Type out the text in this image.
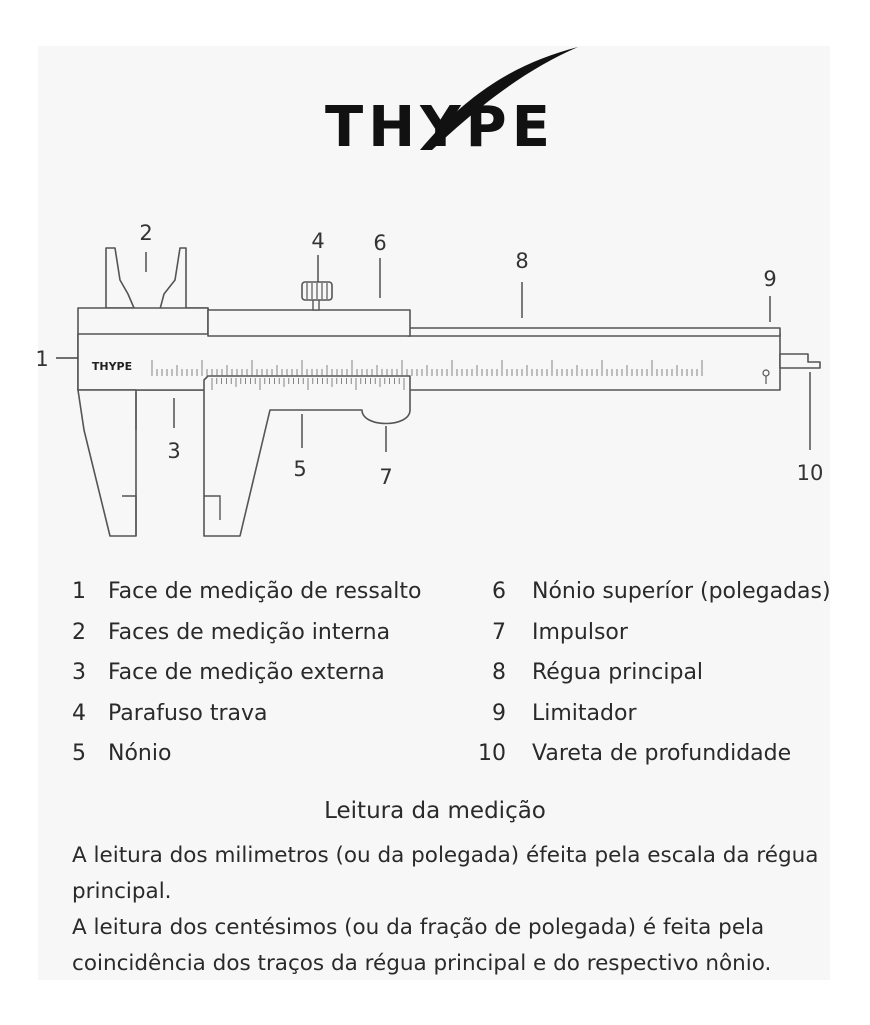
THYPE
THYPE
1
2
3
4
5
6
7
8
9
10
1 Face de medição de ressalto
2 Faces de medição interna
3 Face de medição externa
4 Parafuso trava
5 Nónio
6 Nónio superíor (polegadas)
7 Impulsor
8 Régua principal
9 Limitador
10 Vareta de profundidade
Leitura da medição

A leitura dos milimetros (ou da polegada) éfeita pela escala da régua principal.

A leitura dos centésimos (ou da fração de polegada) é feita pela coincidência dos traços da régua principal e do respectivo nônio.
